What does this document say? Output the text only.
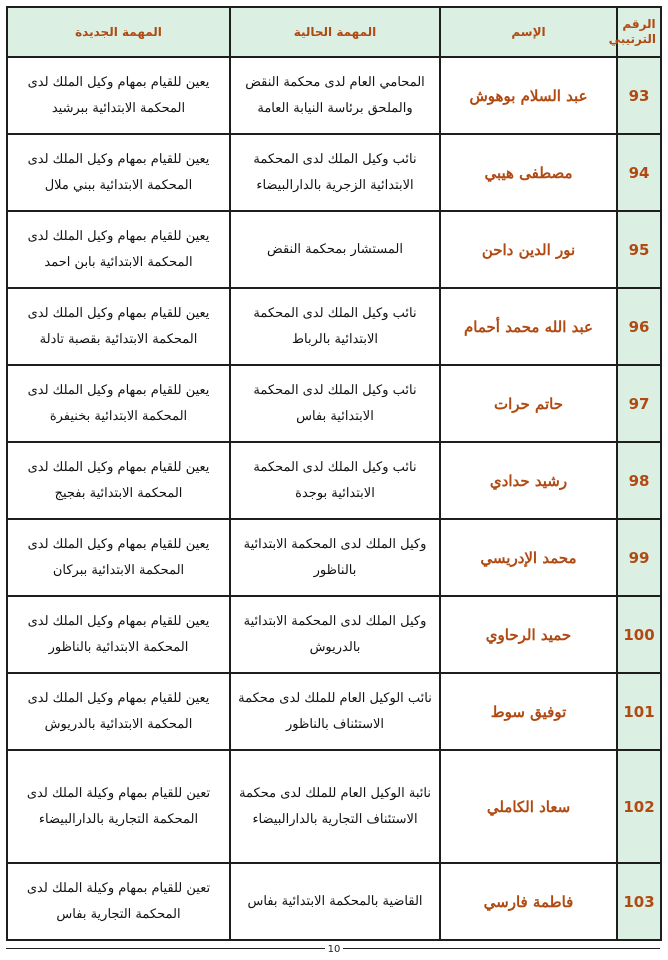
الرقم
الترتيبي	الإسم	المهمة الحالية	المهمة الجديدة
93	عبد السلام بوهوش	المحامي العام لدى محكمة النقض والملحق برئاسة النيابة العامة	يعين للقيام بمهام وكيل الملك لدى المحكمة الابتدائية ببرشيد
94	مصطفى هيبي	نائب وكيل الملك لدى المحكمة الابتدائية الزجرية بالدارالبيضاء	يعين للقيام بمهام وكيل الملك لدى المحكمة الابتدائية ببني ملال
95	نور الدين داحن	المستشار بمحكمة النقض	يعين للقيام بمهام وكيل الملك لدى المحكمة الابتدائية بابن احمد
96	عبد الله محمد أحمام	نائب وكيل الملك لدى المحكمة الابتدائية بالرباط	يعين للقيام بمهام وكيل الملك لدى المحكمة الابتدائية بقصبة تادلة
97	حاتم حرات	نائب وكيل الملك لدى المحكمة الابتدائية بفاس	يعين للقيام بمهام وكيل الملك لدى المحكمة الابتدائية بخنيفرة
98	رشيد حدادي	نائب وكيل الملك لدى المحكمة الابتدائية بوجدة	يعين للقيام بمهام وكيل الملك لدى المحكمة الابتدائية بفجيج
99	محمد الإدريسي	وكيل الملك لدى المحكمة الابتدائية بالناظور	يعين للقيام بمهام وكيل الملك لدى المحكمة الابتدائية ببركان
100	حميد الرحاوي	وكيل الملك لدى المحكمة الابتدائية بالدريوش	يعين للقيام بمهام وكيل الملك لدى المحكمة الابتدائية بالناظور
101	توفيق سوط	نائب الوكيل العام للملك لدى محكمة الاستئناف بالناظور	يعين للقيام بمهام وكيل الملك لدى المحكمة الابتدائية بالدريوش
102	سعاد الكاملي	نائبة الوكيل العام للملك لدى محكمة الاستئناف التجارية بالدارالبيضاء	تعين للقيام بمهام وكيلة الملك لدى المحكمة التجارية بالدارالبيضاء
103	فاطمة فارسي	القاضية بالمحكمة الابتدائية بفاس	تعين للقيام بمهام وكيلة الملك لدى المحكمة التجارية بفاس
10
